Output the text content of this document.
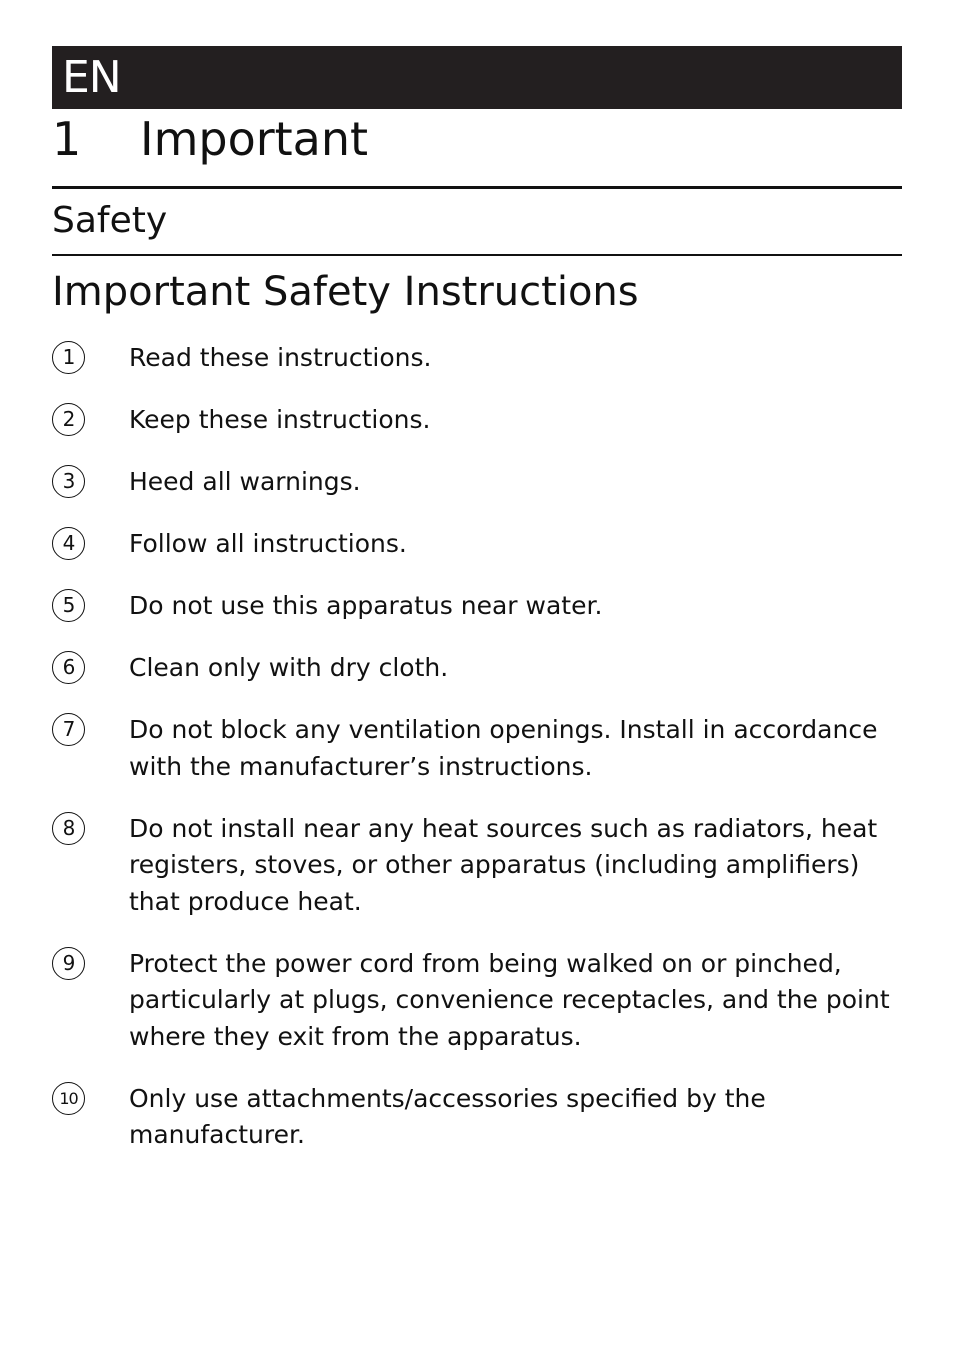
EN
1 Important
Safety
Important Safety Instructions
1	Read these instructions.
2	Keep these instructions.
3	Heed all warnings.
4	Follow all instructions.
5	Do not use this apparatus near water.
6	Clean only with dry cloth.
7	Do not block any ventilation openings. Install in accordance with the manufacturer’s instructions.
8	Do not install near any heat sources such as radiators, heat registers, stoves, or other apparatus (including amplifiers) that produce heat.
9	Protect the power cord from being walked on or pinched, particularly at plugs, convenience receptacles, and the point where they exit from the apparatus.
10 Only use attachments/accessories specified by the manufacturer.
